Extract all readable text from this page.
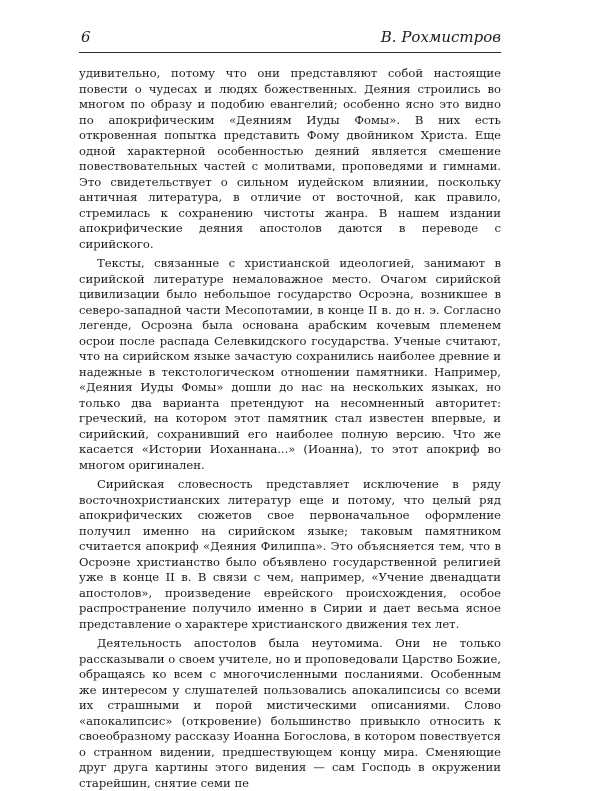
6	В. Рохмистров

удивительно, потому что они представляют собой настоящие повести о чудесах и людях божественных. Деяния строились во многом по образу и подобию евангелий; особенно ясно это видно по апокрифическим «Деяниям Иуды Фомы». В них есть откровенная попытка представить Фому двойником Христа. Еще одной характерной особенностью деяний является смешение повествовательных частей с молитвами, проповедями и гимнами. Это свидетельствует о сильном иудейском влиянии, поскольку античная литература, в отличие от восточной, как правило, стремилась к сохранению чистоты жанра. В нашем издании апокрифические деяния апостолов даются в переводе с сирийского.

Тексты, связанные с христианской идеологией, занимают в сирийской литературе немаловажное место. Очагом сирийской цивилизации было небольшое государство Осроэна, возникшее в северо-западной части Месопотамии, в конце II в. до н. э. Согласно легенде, Осроэна была основана арабским кочевым племенем осрои после распада Селевкидского государства. Ученые считают, что на сирийском языке зачастую сохранились наиболее древние и надежные в текстологическом отношении памятники. Например, «Деяния Иуды Фомы» дошли до нас на нескольких языках, но только два варианта претендуют на несомненный авторитет: греческий, на котором этот памятник стал известен впервые, и сирийский, сохранивший его наиболее полную версию. Что же касается «Истории Иоханнана...» (Иоанна), то этот апокриф во многом оригинален.

Сирийская словесность представляет исключение в ряду восточнохристианских литератур еще и потому, что целый ряд апокрифических сюжетов свое первоначальное оформление получил именно на сирийском языке; таковым памятником считается апокриф «Деяния Филиппа». Это объясняется тем, что в Осроэне христианство было объявлено государственной религией уже в конце II в. В связи с чем, например, «Учение двенадцати апостолов», произведение еврейского происхождения, особое распространение получило именно в Сирии и дает весьма ясное представление о характере христианского движения тех лет.

Деятельность апостолов была неутомима. Они не только рассказывали о своем учителе, но и проповедовали Царство Божие, обращаясь ко всем с многочисленными посланиями. Особенным же интересом у слушателей пользовались апокалипсисы со всеми их страшными и порой мистическими описаниями. Слово «апокалипсис» (откровение) большинство привыкло относить к своеобразному рассказу Иоанна Богослова, в котором повествуется о странном видении, предшествующем концу мира. Сменяющие друг друга картины этого видения — сам Господь в окружении старейшин, снятие семи пе
